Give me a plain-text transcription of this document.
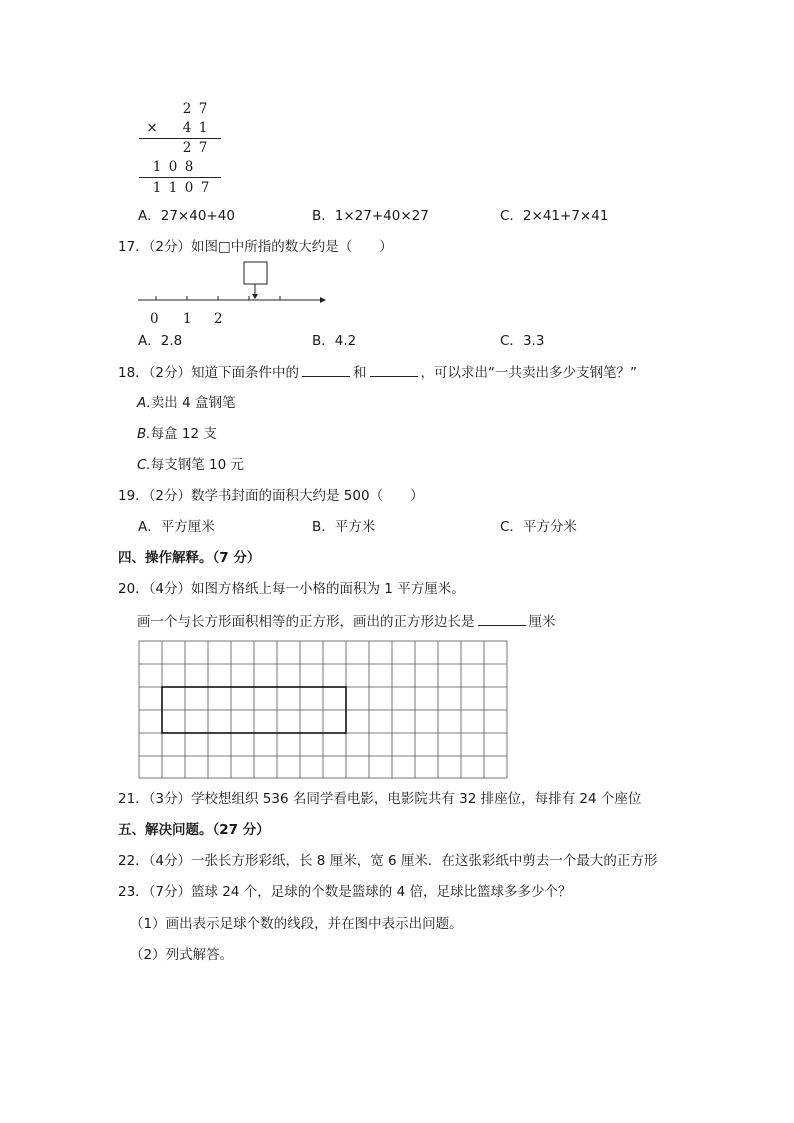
2 7
× 4 1
2 7
1 0 8
1 1 0 7
A．27×40+40	B．1×27+40×27	C．2×41+7×41
17．（2分）如图□中所指的数大约是（　　）
0 1 2
A．2.8	B．4.2	C．3.3
18．（2分）知道下面条件中的	和	，可以求出“一共卖出多少支钢笔？”
A.卖出 4 盒钢笔
B.每盒 12 支
C.每支钢笔 10 元
19．（2分）数学书封面的面积大约是 500（　　）
A．平方厘米	B．平方米	C．平方分米
四、操作解释。（7 分）
20．（4分）如图方格纸上每一小格的面积为 1 平方厘米。
画一个与长方形面积相等的正方形，画出的正方形边长是	厘米
21．（3分）学校想组织 536 名同学看电影，电影院共有 32 排座位，每排有 24 个座位
五、解决问题。（27 分）
22．（4分）一张长方形彩纸，长 8 厘米，宽 6 厘米．在这张彩纸中剪去一个最大的正方形
23．（7分）篮球 24 个，足球的个数是篮球的 4 倍，足球比篮球多多少个？
（1）画出表示足球个数的线段，并在图中表示出问题。
（2）列式解答。
